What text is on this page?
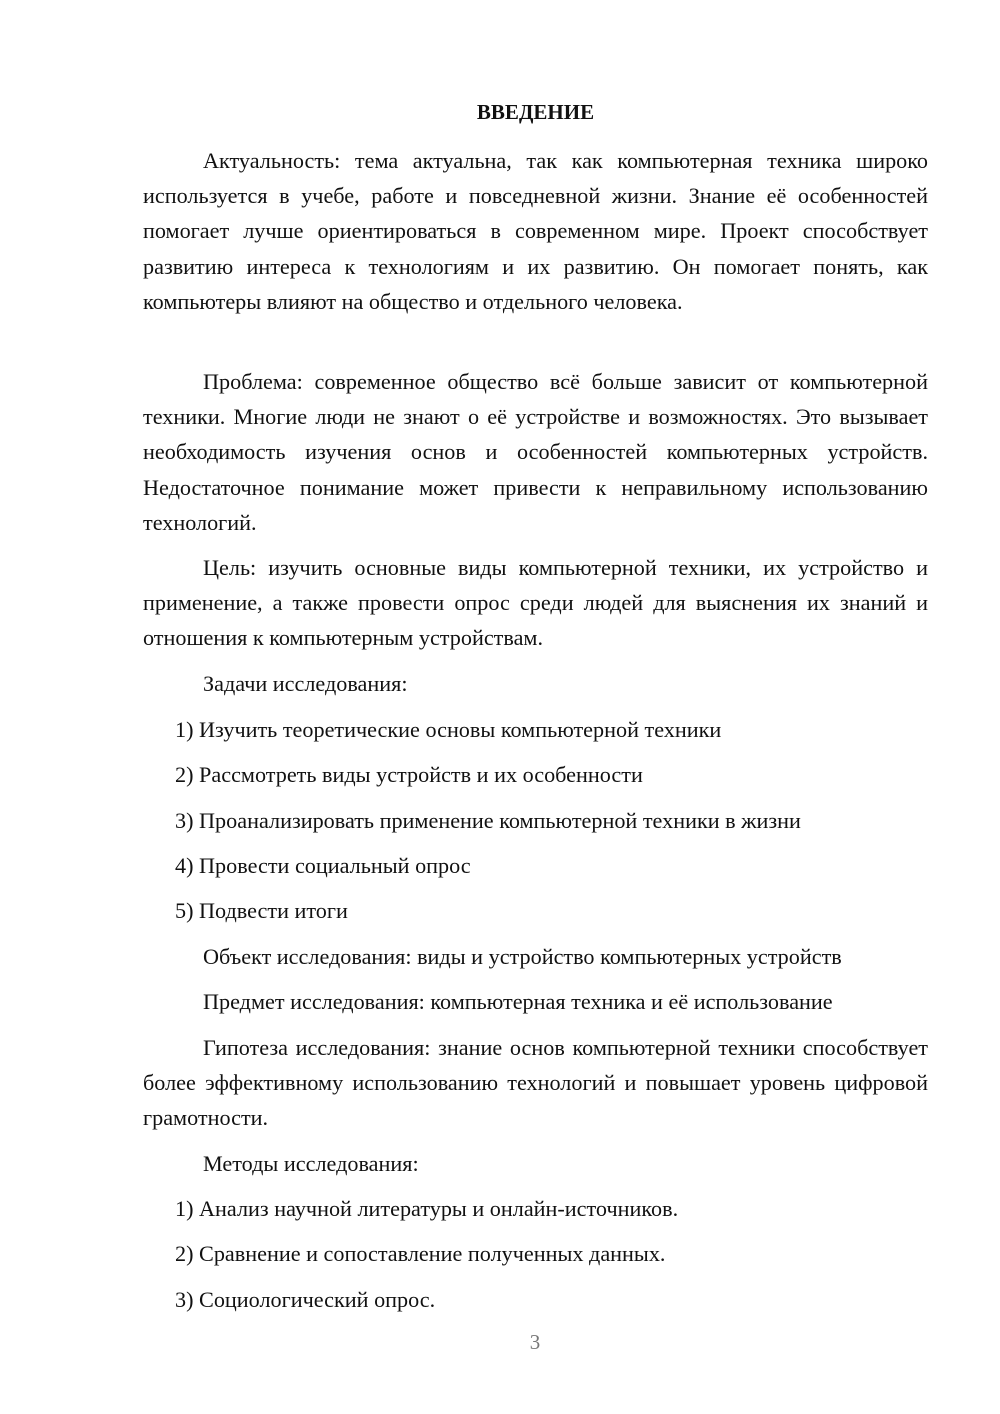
ВВЕДЕНИЕ
Актуальность: тема актуальна, так как компьютерная техника широко используется в учебе, работе и повседневной жизни. Знание её особенностей помогает лучше ориентироваться в современном мире. Проект способствует развитию интереса к технологиям и их развитию. Он помогает понять, как компьютеры влияют на общество и отдельного человека.
Проблема: современное общество всё больше зависит от компьютерной техники. Многие люди не знают о её устройстве и возможностях. Это вызывает необходимость изучения основ и особенностей компьютерных устройств. Недостаточное понимание может привести к неправильному использованию технологий.
Цель: изучить основные виды компьютерной техники, их устройство и применение, а также провести опрос среди людей для выяснения их знаний и отношения к компьютерным устройствам.
Задачи исследования:
1) Изучить теоретические основы компьютерной техники
2) Рассмотреть виды устройств и их особенности
3) Проанализировать применение компьютерной техники в жизни
4) Провести социальный опрос
5) Подвести итоги
Объект исследования: виды и устройство компьютерных устройств
Предмет исследования: компьютерная техника и её использование
Гипотеза исследования: знание основ компьютерной техники способствует более эффективному использованию технологий и повышает уровень цифровой грамотности.
Методы исследования:
1) Анализ научной литературы и онлайн-источников.
2) Сравнение и сопоставление полученных данных.
3) Социологический опрос.
3
